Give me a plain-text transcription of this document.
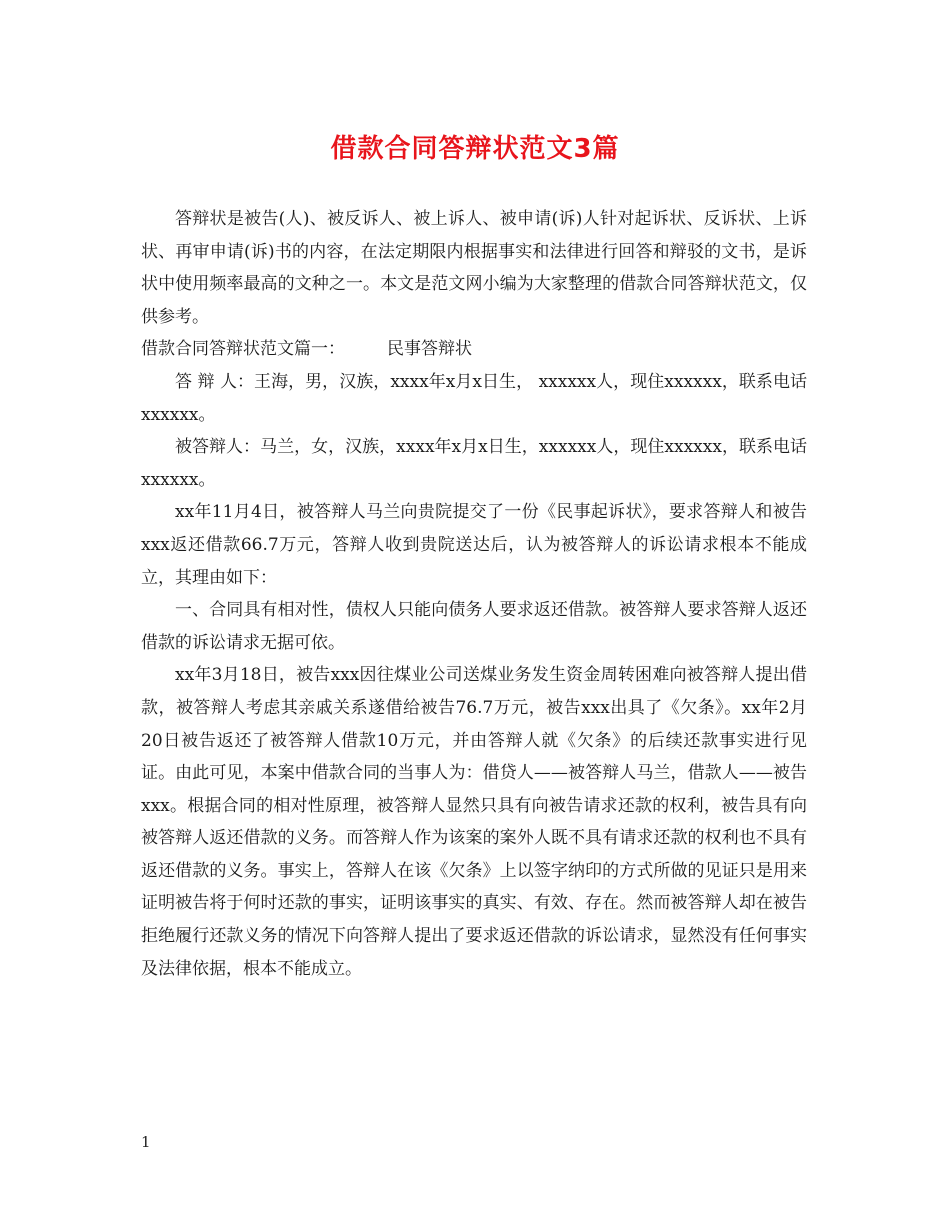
借款合同答辩状范文3篇

答辩状是被告(人)、被反诉人、被上诉人、被申请(诉)人针对起诉状、反诉状、上诉状、再审申请(诉)书的内容，在法定期限内根据事实和法律进行回答和辩驳的文书，是诉状中使用频率最高的文种之一。本文是范文网小编为大家整理的借款合同答辩状范文，仅供参考。

借款合同答辩状范文篇一： 民事答辩状

答 辩 人：王海，男，汉族，xxxx年x月x日生， xxxxxx人，现住xxxxxx，联系电话xxxxxx。

被答辩人：马兰，女，汉族，xxxx年x月x日生，xxxxxx人，现住xxxxxx，联系电话xxxxxx。

xx年11月4日，被答辩人马兰向贵院提交了一份《民事起诉状》，要求答辩人和被告xxx返还借款66.7万元，答辩人收到贵院送达后，认为被答辩人的诉讼请求根本不能成立，其理由如下：

一、合同具有相对性，债权人只能向债务人要求返还借款。被答辩人要求答辩人返还借款的诉讼请求无据可依。

xx年3月18日，被告xxx因往煤业公司送煤业务发生资金周转困难向被答辩人提出借款，被答辩人考虑其亲戚关系遂借给被告76.7万元，被告xxx出具了《欠条》。xx年2月20日被告返还了被答辩人借款10万元，并由答辩人就《欠条》的后续还款事实进行见证。由此可见，本案中借款合同的当事人为：借贷人——被答辩人马兰，借款人——被告xxx。根据合同的相对性原理，被答辩人显然只具有向被告请求还款的权利，被告具有向被答辩人返还借款的义务。而答辩人作为该案的案外人既不具有请求还款的权利也不具有返还借款的义务。事实上，答辩人在该《欠条》上以签字纳印的方式所做的见证只是用来证明被告将于何时还款的事实，证明该事实的真实、有效、存在。然而被答辩人却在被告拒绝履行还款义务的情况下向答辩人提出了要求返还借款的诉讼请求，显然没有任何事实及法律依据，根本不能成立。

1
